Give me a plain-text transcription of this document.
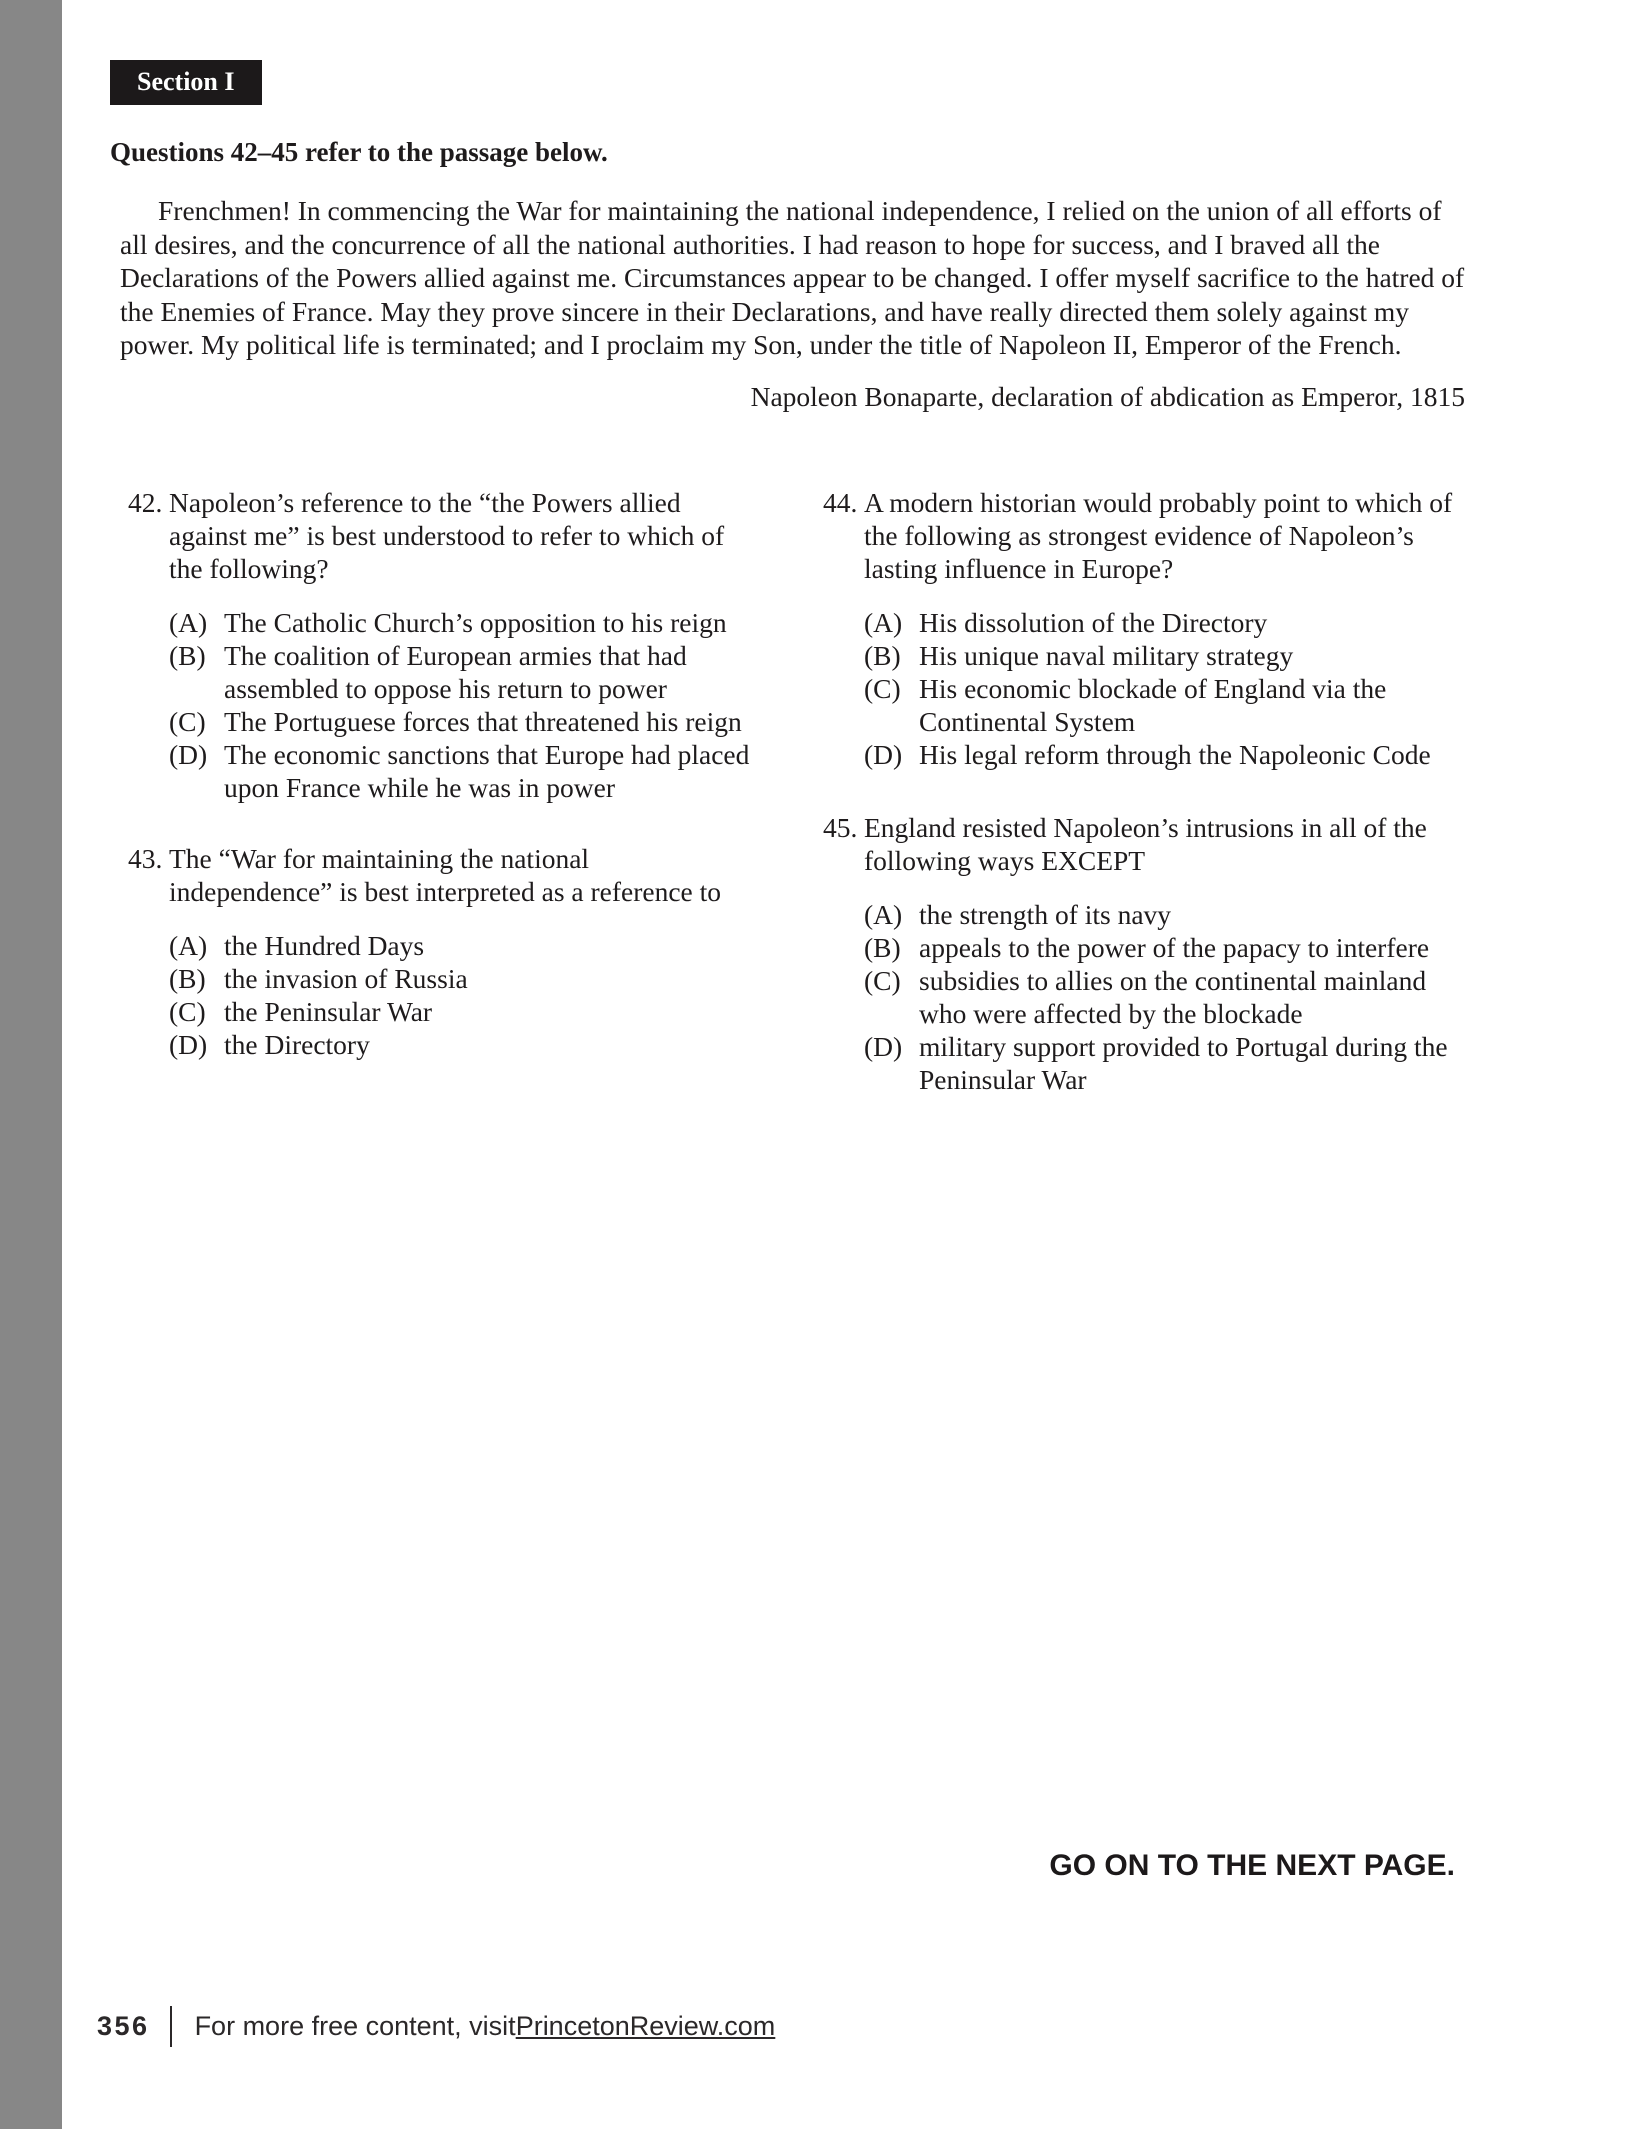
Section I
Questions 42–45 refer to the passage below.

Frenchmen! In commencing the War for maintaining the national independence, I relied on the union of all efforts of all desires, and the concurrence of all the national authorities. I had reason to hope for success, and I braved all the Declarations of the Powers allied against me. Circumstances appear to be changed. I offer myself sacrifice to the hatred of the Enemies of France. May they prove sincere in their Declarations, and have really directed them solely against my power. My political life is terminated; and I proclaim my Son, under the title of Napoleon II, Emperor of the French.

Napoleon Bonaparte, declaration of abdication as Emperor, 1815
42. Napoleon’s reference to the “the Powers allied against me” is best understood to refer to which of the following?
(A) The Catholic Church’s opposition to his reign
(B) The coalition of European armies that had assembled to oppose his return to power
(C) The Portuguese forces that threatened his reign
(D) The economic sanctions that Europe had placed upon France while he was in power
43. The “War for maintaining the national independence” is best interpreted as a reference to
(A) the Hundred Days
(B) the invasion of Russia
(C) the Peninsular War
(D) the Directory
44. A modern historian would probably point to which of the following as strongest evidence of Napoleon’s lasting influence in Europe?
(A) His dissolution of the Directory
(B) His unique naval military strategy
(C) His economic blockade of England via the Continental System
(D) His legal reform through the Napoleonic Code
45. England resisted Napoleon’s intrusions in all of the following ways EXCEPT
(A) the strength of its navy
(B) appeals to the power of the papacy to interfere
(C) subsidies to allies on the continental mainland who were affected by the blockade
(D) military support provided to Portugal during the Peninsular War
GO ON TO THE NEXT PAGE.
356 For more free content, visit PrincetonReview.com
